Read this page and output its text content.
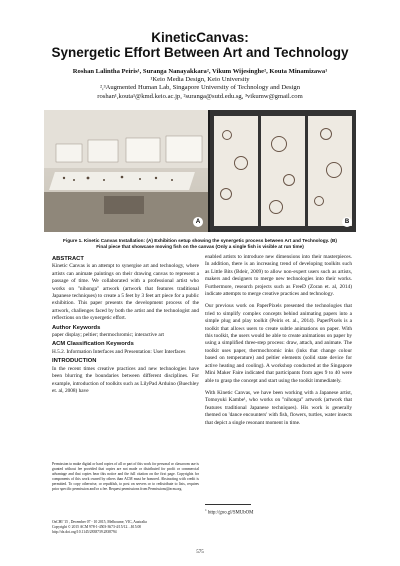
KineticCanvas:
Synergetic Effort Between Art and Technology
Roshan Lalintha Peiris¹, Suranga Nanayakkara², Vikum Wijesinghe², Kouta Minamizawa¹
¹Keio Media Design, Keio University
²,³Augmented Human Lab, Singapore University of Technology and Design
roshan¹,kouta¹@kmd.keio.ac.jp, ²suranga@sutd.edu.sg, ³vikumw@gmail.com
A	B
Figure 1. Kinetic Canvas Installation: (A) Exhibition setup showing the synergetic process between Art and Technology. (B)
Final piece that showcase moving fish on the canvas (Only a single fish is visible at run time)
ABSTRACT
Kinetic Canvas is an attempt to synergise art and technology, where artists can animate paintings on their drawing canvas to represent a passage of time. We collaborated with a professional artist who works on "nihonga" artwork (artwork that features traditional Japanese techniques) to create a 5 feet by 3 feet art piece for a public exhibition. This paper presents the development process of the artwork, challenges faced by both the artist and the technologist and reflections on the synergetic effort.
Author Keywords
paper display; peltier; thermochromic; interactive art
ACM Classification Keywords
H.5.2. Information Interfaces and Presentation: User Interfaces
INTRODUCTION
In the recent times creative practices and new technologies have been blurring the boundaries between different disciplines. For example, introduction of toolkits such as LilyPad Arduino (Buechley et. al, 2008) have
Permission to make digital or hard copies of all or part of this work for personal or classroom use is granted without fee provided that copies are not made or distributed for profit or commercial advantage and that copies bear this notice and the full citation on the first page. Copyrights for components of this work owned by others than ACM must be honored. Abstracting with credit is permitted. To copy otherwise, or republish, to post on servers or to redistribute to lists, requires prior specific permission and/or a fee. Request permissions from Permissions@acm.org.
OzCHI '15 , December 07 - 10 2015, Melbourne, VIC, Australia
Copyright © 2015 ACM 978-1-4503-3673-4/15/12…$15.00
http://dx.doi.org/10.1145/2838739.2838794
enabled artists to introduce new dimensions into their masterpieces. In addition, there is an increasing trend of developing toolkits such as Little Bits (Bdeir, 2009) to allow non-expert users such as artists, makers and designers to merge new technologies into their works. Furthermore, research projects such as FreeD (Zoran et. al, 2014) indicate attempts to merge creative practices and technology.
Our previous work on PaperPixels presented the technologies that tried to simplify complex concepts behind animating papers into a simple plug and play toolkit (Peiris et. al., 2014). PaperPixels is a toolkit that allows users to create subtle animations on paper. With this toolkit, the users would be able to create animations on paper by using a simplified three-step process: draw, attach, and animate. The toolkit uses paper, thermochromic inks (inks that change colour based on temperature) and peltier elements (solid state device for active heating and cooling). A workshop conducted at the Singapore Mini Maker Faire indicated that participants from ages 9 to 40 were able to grasp the concept and start using the toolkit immediately.
With Kinetic Canvas, we have been working with a Japanese artist, Tomoyuki Kambe¹, who works on "nihonga" artwork (artwork that features traditional Japanese techniques). His work is generally themed on 'dance encounters' with fish, flowers, turtles, water insects that depict a single resonant moment in time.
$^1$ http://goo.gl/SMUbOM
575
